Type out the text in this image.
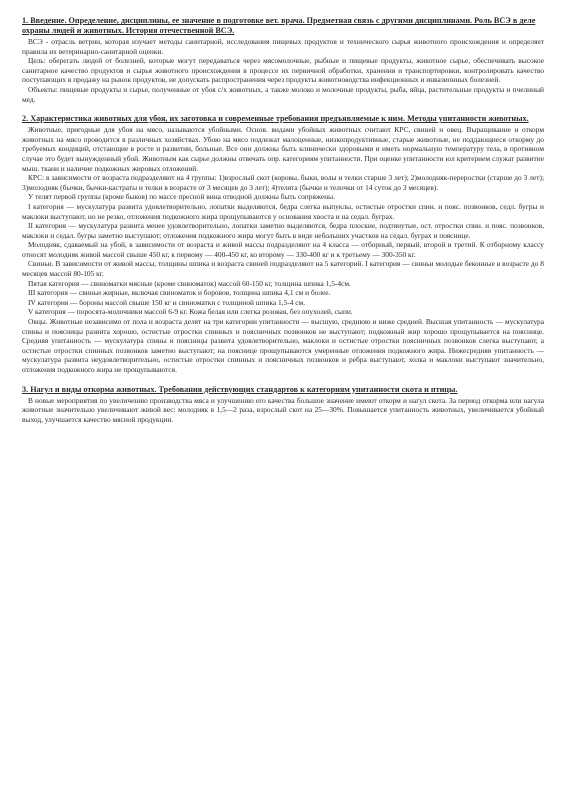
1. Введение. Определение, дисциплины, ее значение в подготовке вет. врача. Предметная связь с другими дисциплинами. Роль ВСЭ в деле охраны людей и животных. История отечественной ВСЭ.

ВСЭ - отрасль ветрин, которая изучает методы санитарной, исследования пищевых продуктов и технического сырья животного происхождения и определяет правила их ветеринарно-санитарной оценки.

Цель: оберегать людей от болезней, которые могут передаваться через мясомолочные, рыбные и пищевые продукты, животное сырье, обеспечивать высокое санитарное качество продуктов и сырья животного происхождения в процессе их первичной обработки, хранения и транспортировки, контролировать качество поступающих в продажу на рынок продуктов, не допускать распространения через продукты животноводства инфекционных и инвазионных болезней.

Объекты: пищевые продукты и сырье, полученные от убоя с/х животных, а также молоко и молочные продукты, рыба, яйца, растительные продукты и пчелиный мед.

2. Характеристика животных для убоя, их заготовка и современные требования предъявляемые к ним. Методы упитанности животных.

Животные, пригодные для убоя на мясо, называются убойными. Основ. видами убойных животных считают КРС, свиней и овец. Выращивание и откорм животных на мясо проводится в различных хозяйствах. Убою на мясо подлежат малоценные, низкопродуктивные, старые животные, не поддающиеся откорму до требуемых кондиций, отстающие в росте и развитии, больные. Все они должны быть клинически здоровыми и иметь нормальную температуру тела, в противном случае это будет вынужденный убой. Животным как сырье должны отвечать опр. категориям упитанности. При оценке упитанности юл критерием служат развитие мыш. ткани и наличие подкожных жировых отложений.

КРС: в зависимости от возраста подразделяют на 4 группы: 1)взрослый скот (коровы, быки, волы и телки старше 3 лет); 2)молодняк-переростки (старше до 3 лет); 3)молодняк (бычки, бычки-кастраты и телки в возрасте от 3 месяцев до 3 лет); 4)телята (бычки и телочки от 14 суток до 3 месяцев).

У телят первой группы (кроме быков) по массе пресной вина отводной должны быть сопряжены.

I категория — мускулатура развита удовлетворительно, лопатки выделяются, бедра слегка выпуклы, остистые отростки спин. и пояс. позвонков, седл. бугры и маклоки выступают, но не резко, отложения подкожного жира прощупываются у основания хвоста и на седал. буграх.

II категория — мускулатура развита менее удовлетворительно, лопатки заметно выделяются, бедра плоские, подтянутые, ост. отростки спин. и пояс. позвонков, маклоки и седал. бугры заметно выступают; отложения подкожного жира могут быть в виде небольших участков на седал. буграх и пояснице.

Молодняк, сдаваемый на убой, в зависимости от возраста и живой массы подразделяют на 4 класса — отборный, первый, второй и третий. К отборному классу относят молодняк живой массой свыше 450 кг, к первому — 400-450 кг, ко второму — 330-400 кг и к третьему — 300-350 кг.

Свиньи. В зависимости от живой массы, толщины шпика и возраста свиней подразделяют на 5 категорий. I категория — свиньи молодые беконные в возрасте до 8 месяцев массой 80-105 кг.

Пятая категория — свиноматки мясные (кроме свиноматок) массой 60-150 кг, толщина шпика 1,5-4см.

III категория — свиньи жирные, включая свиноматок и боровов, толщина шпика 4,1 см и более.

IV категория — бороны массой свыше 150 кг и свиноматки с толщиной шпика 1,5-4 см.

V категория — поросята-молочники массой 6-9 кг. Кожа белая или слегка розовая, без опухолей, сыпи.

Овцы. Животные независимо от пола и возраста делят на три категории упитанности — высшую, среднюю и ниже средней. Высшая упитанность — мускулатура спины и поясницы развита хорошо, остистые отростки спинных и поясничных позвонков не выступают; подкожный жир хорошо прощупывается на пояснице. Средняя упитанность — мускулатура спины и поясницы развита удовлетворительно, маклоки и остистые отростки поясничных позвонков слегка выступают, а остистые отростки спинных позвонков заметно выступают; на пояснице прощупываются умеренные отложения подкожного жира. Нижесредняя упитанность — мускулатура развита неудовлетворительно, остистые отростки спинных и поясничных позвонков и ребра выступают, холка и маклоки выступают значительно, отложения подкожного жира не прощупываются.

3. Нагул и виды откорма животных. Требования действующих стандартов к категориям упитанности скота и птицы.

В новые мероприятия по увеличению производства мяса и улучшению его качества большое значение имеют откорм и нагул скота. За период откорма или нагула животные значительно увеличивают живой вес: молодняк в 1,5—2 раза, взрослый скот на 25—30%. Повышается упитанность животных, увеличивается убойный выход, улучшается качество мясной продукции.
